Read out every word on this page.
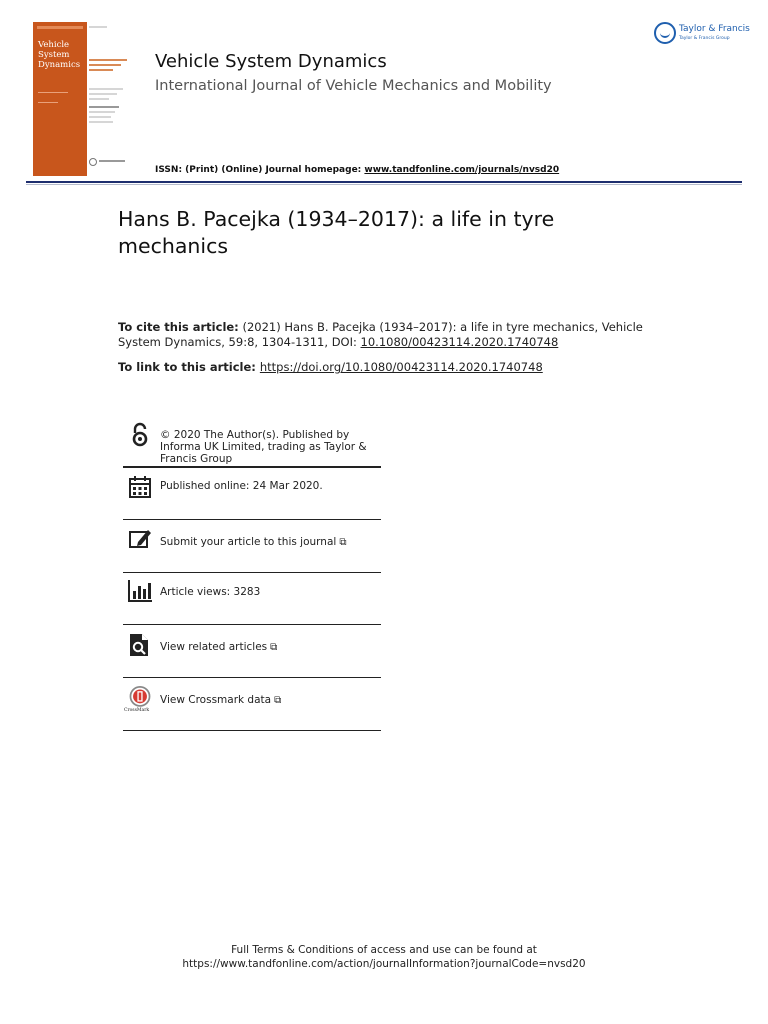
Vehicle
System
Dynamics	Vehicle System Dynamics
International Journal of Vehicle Mechanics and Mobility
ISSN: (Print) (Online) Journal homepage: www.tandfonline.com/journals/nvsd20
Taylor & Francis
Taylor & Francis Group
Hans B. Pacejka (1934–2017): a life in tyre mechanics

To cite this article: (2021) Hans B. Pacejka (1934–2017): a life in tyre mechanics, Vehicle System Dynamics, 59:8, 1304-1311, DOI: 10.1080/00423114.2020.1740748

To link to this article: https://doi.org/10.1080/00423114.2020.1740748

© 2020 The Author(s). Published by Informa UK Limited, trading as Taylor & Francis Group
Published online: 24 Mar 2020.
Submit your article to this journal ⧉
Article views: 3283
View related articles ⧉
CrossMark
View Crossmark data ⧉
Full Terms & Conditions of access and use can be found at
https://www.tandfonline.com/action/journalInformation?journalCode=nvsd20
